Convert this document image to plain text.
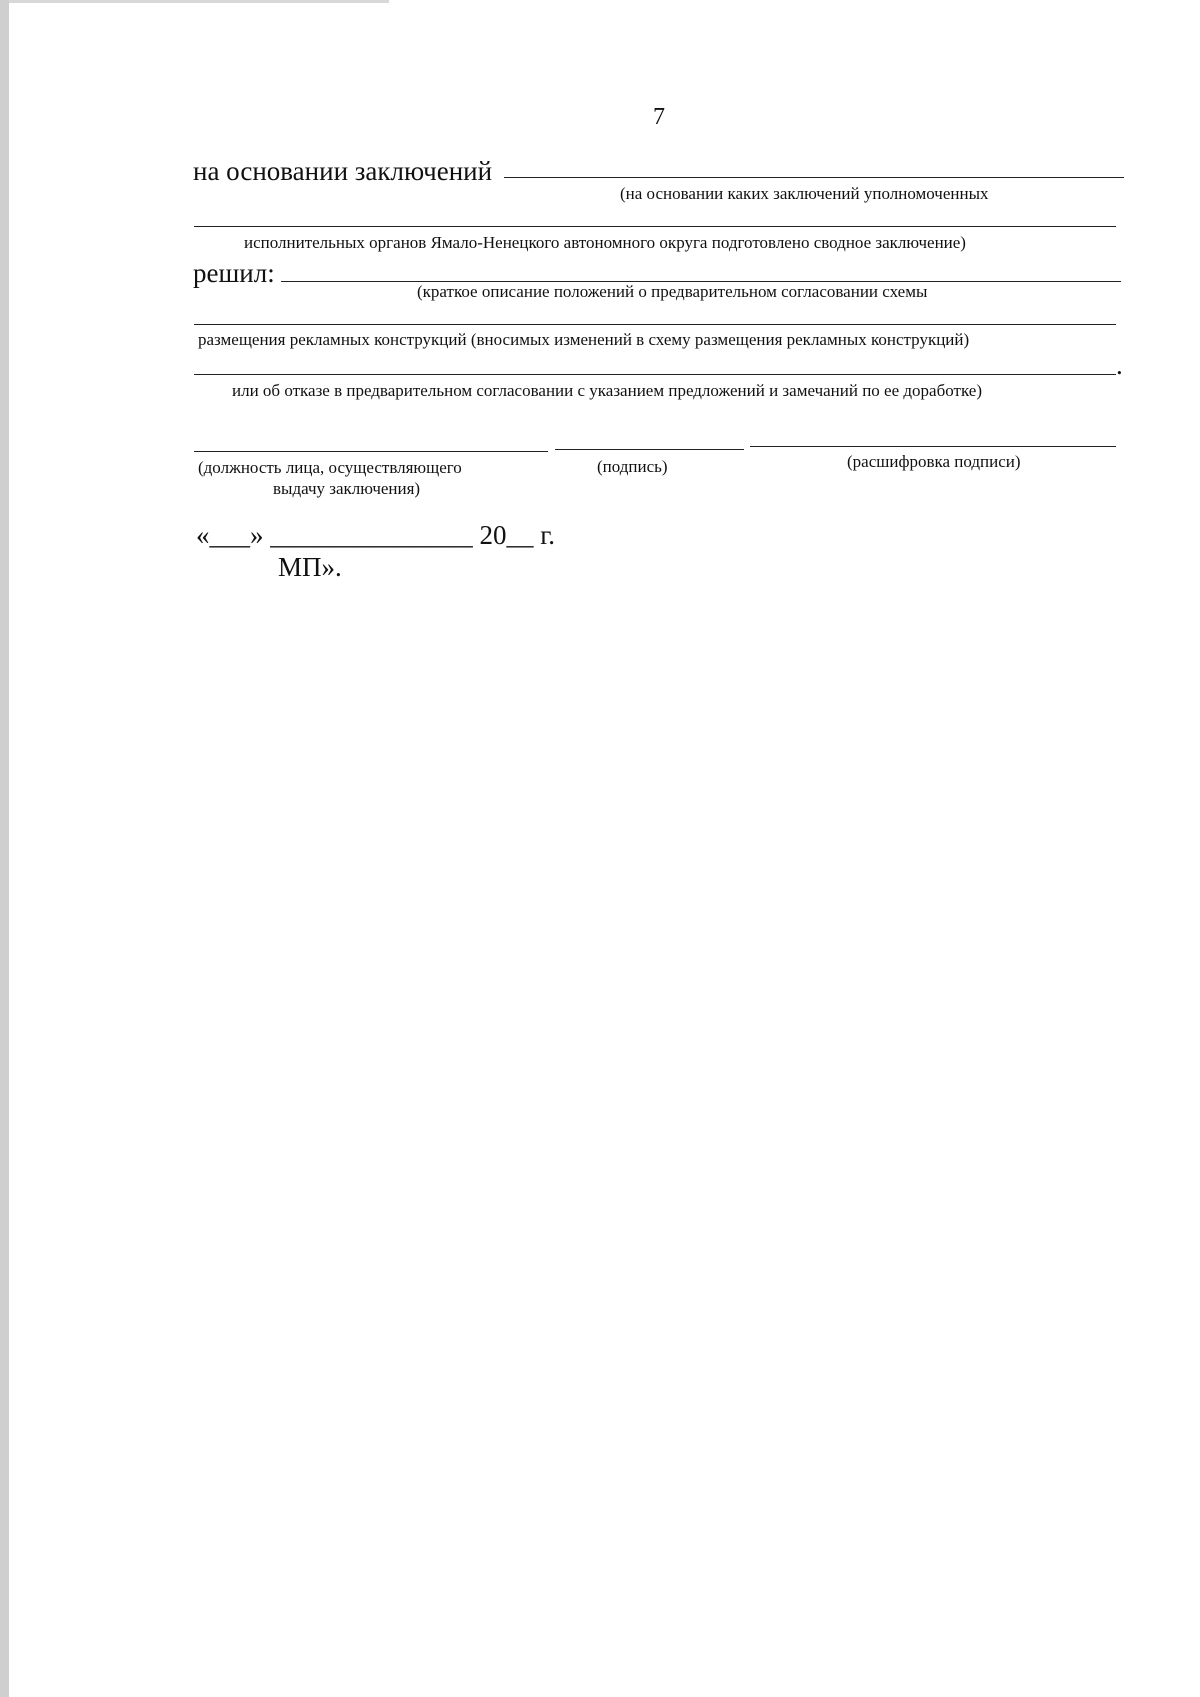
7
на основании заключений
(на основании каких заключений уполномоченных
исполнительных органов Ямало-Ненецкого автономного округа подготовлено сводное заключение)
решил:
(краткое описание положений о предварительном согласовании схемы
размещения рекламных конструкций (вносимых изменений в схему размещения рекламных конструкций)
.
или об отказе в предварительном согласовании с указанием предложений и замечаний по ее доработке)
(должность лица, осуществляющего
выдачу заключения)
(подпись)	(расшифровка подписи)
«___» _______________ 20__ г.
МП».
